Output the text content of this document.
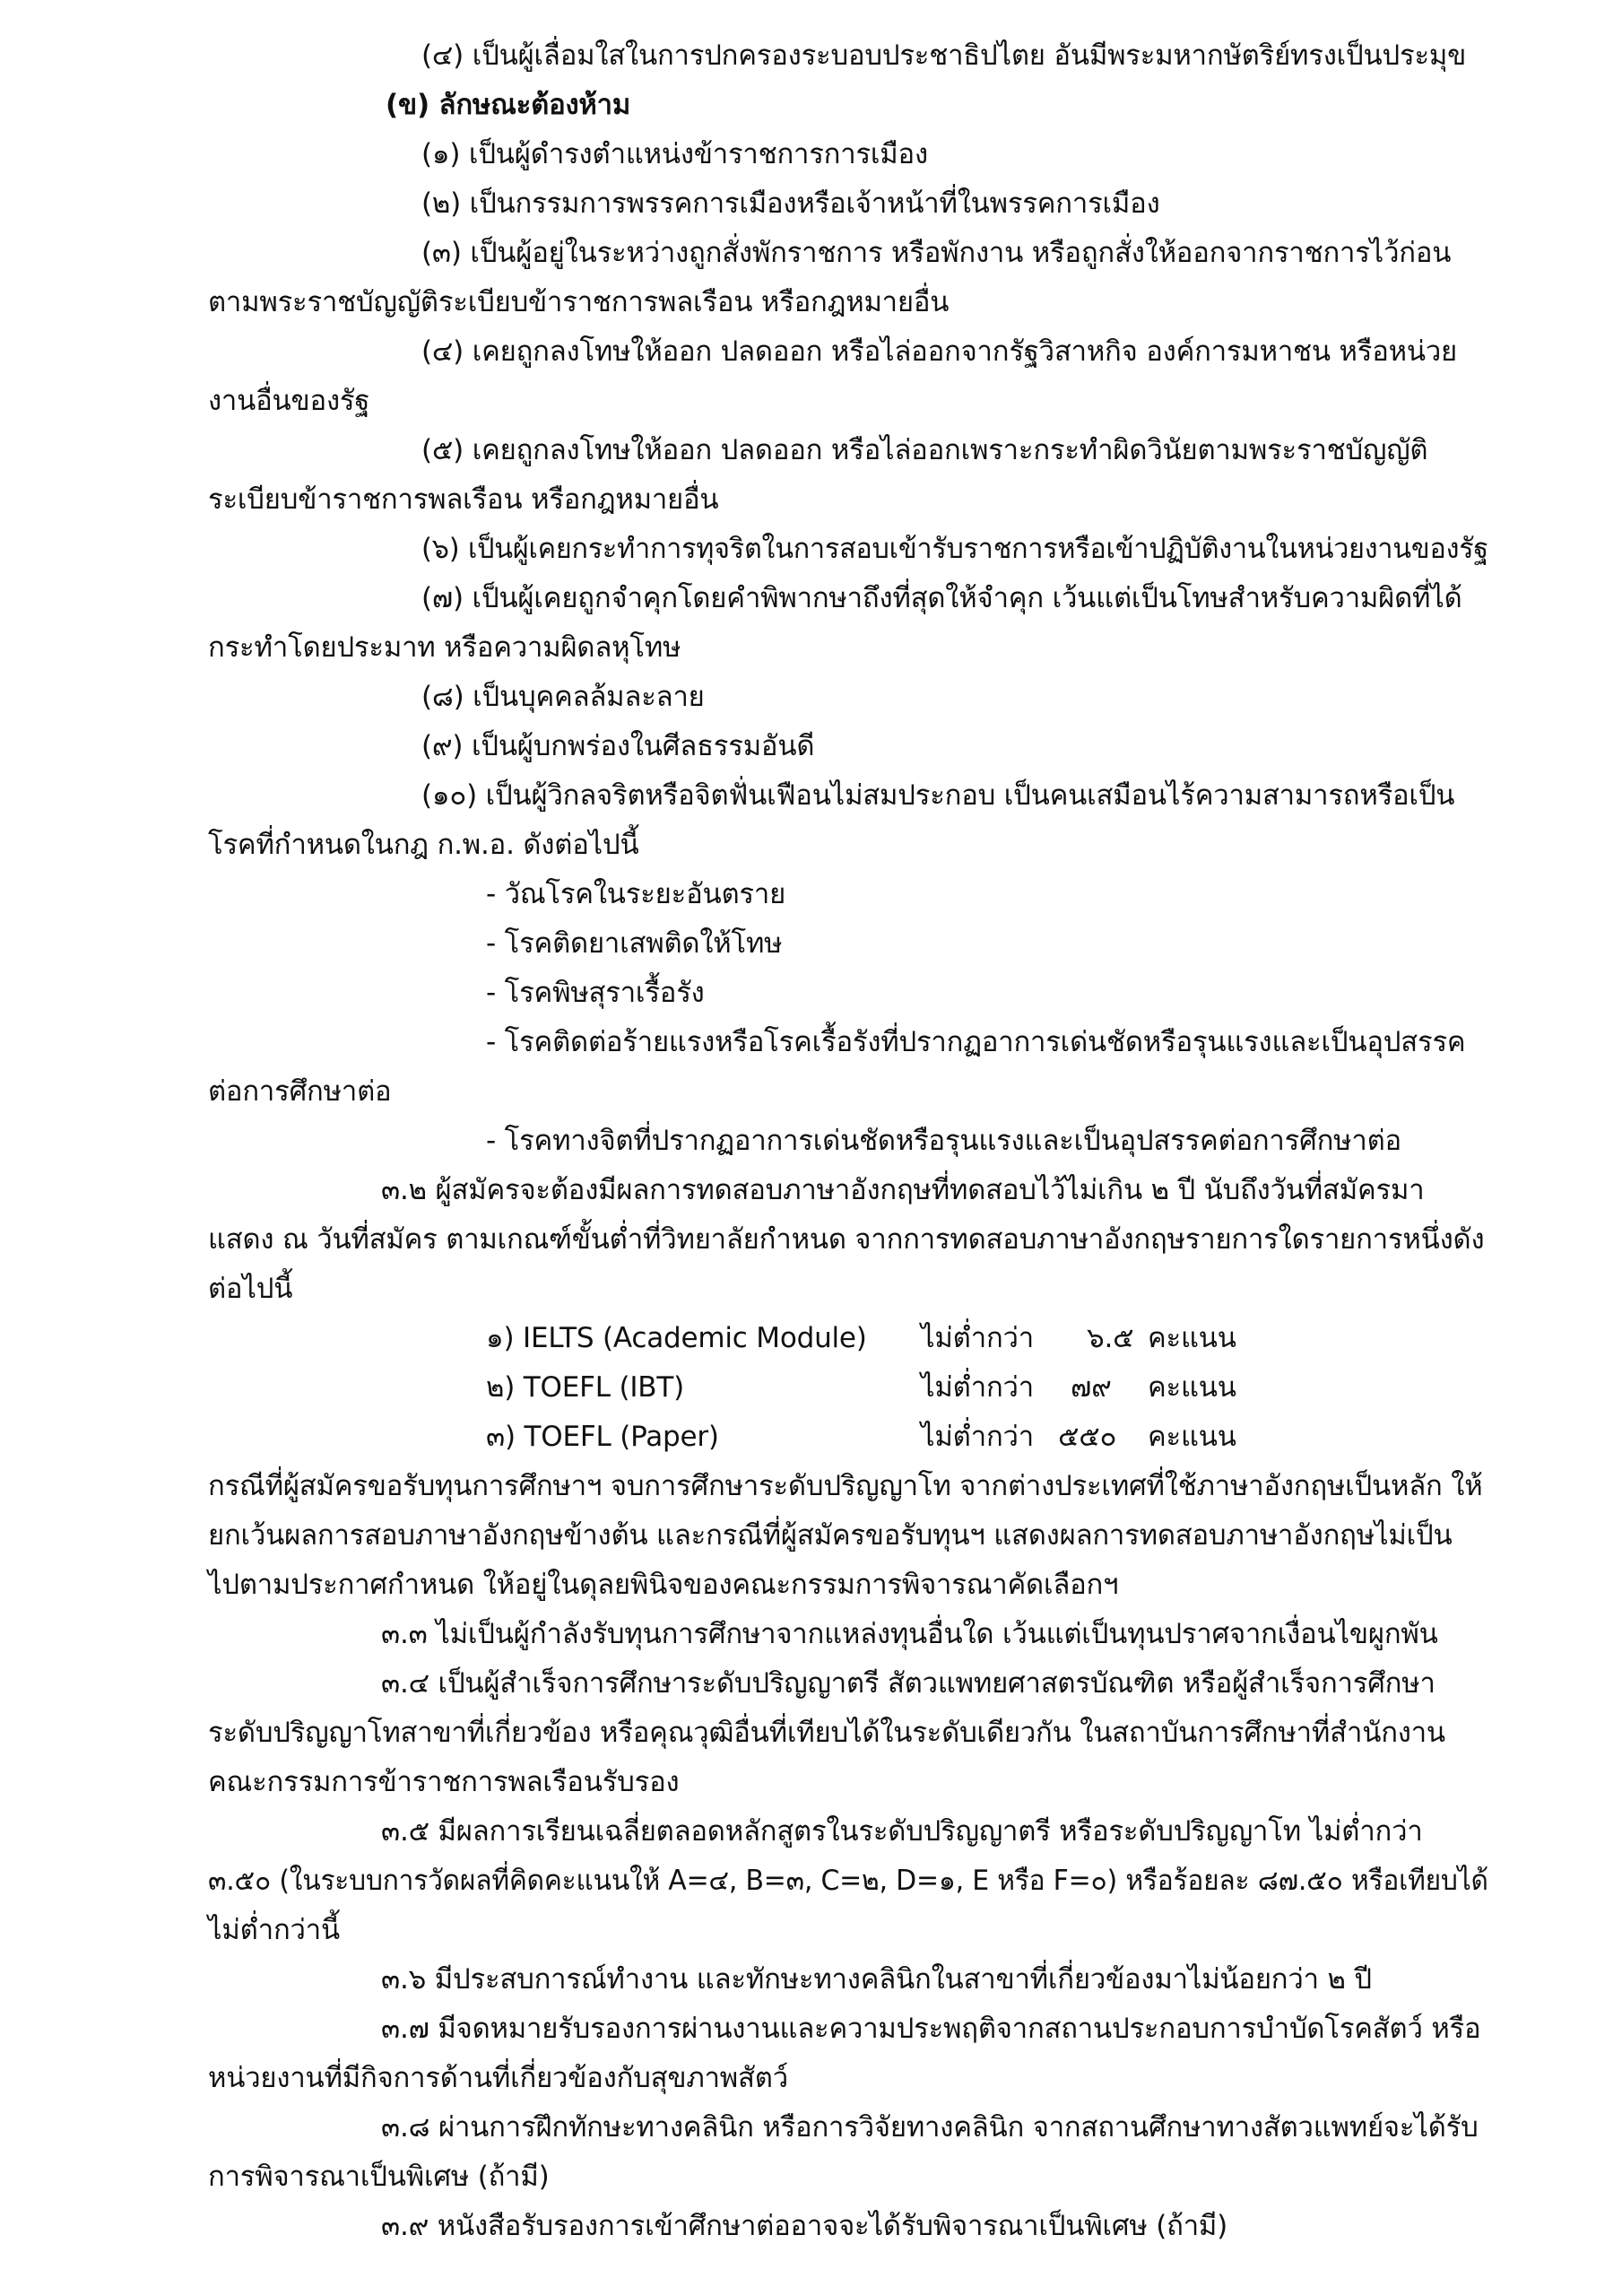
(๔) เป็นผู้เลื่อมใสในการปกครองระบอบประชาธิปไตย อันมีพระมหากษัตริย์ทรงเป็นประมุข
(ข) ลักษณะต้องห้าม
(๑) เป็นผู้ดำรงตำแหน่งข้าราชการการเมือง
(๒) เป็นกรรมการพรรคการเมืองหรือเจ้าหน้าที่ในพรรคการเมือง
(๓) เป็นผู้อยู่ในระหว่างถูกสั่งพักราชการ หรือพักงาน หรือถูกสั่งให้ออกจากราชการไว้ก่อน
ตามพระราชบัญญัติระเบียบข้าราชการพลเรือน หรือกฎหมายอื่น
(๔) เคยถูกลงโทษให้ออก ปลดออก หรือไล่ออกจากรัฐวิสาหกิจ องค์การมหาชน หรือหน่วย
งานอื่นของรัฐ
(๕) เคยถูกลงโทษให้ออก ปลดออก หรือไล่ออกเพราะกระทำผิดวินัยตามพระราชบัญญัติ
ระเบียบข้าราชการพลเรือน หรือกฎหมายอื่น
(๖) เป็นผู้เคยกระทำการทุจริตในการสอบเข้ารับราชการหรือเข้าปฏิบัติงานในหน่วยงานของรัฐ
(๗) เป็นผู้เคยถูกจำคุกโดยคำพิพากษาถึงที่สุดให้จำคุก เว้นแต่เป็นโทษสำหรับความผิดที่ได้
กระทำโดยประมาท หรือความผิดลหุโทษ
(๘) เป็นบุคคลล้มละลาย
(๙) เป็นผู้บกพร่องในศีลธรรมอันดี
(๑๐) เป็นผู้วิกลจริตหรือจิตฟั่นเฟือนไม่สมประกอบ เป็นคนเสมือนไร้ความสามารถหรือเป็น
โรคที่กำหนดในกฎ ก.พ.อ. ดังต่อไปนี้
- วัณโรคในระยะอันตราย
- โรคติดยาเสพติดให้โทษ
- โรคพิษสุราเรื้อรัง
- โรคติดต่อร้ายแรงหรือโรคเรื้อรังที่ปรากฏอาการเด่นชัดหรือรุนแรงและเป็นอุปสรรค
ต่อการศึกษาต่อ
- โรคทางจิตที่ปรากฏอาการเด่นชัดหรือรุนแรงและเป็นอุปสรรคต่อการศึกษาต่อ
๓.๒ ผู้สมัครจะต้องมีผลการทดสอบภาษาอังกฤษที่ทดสอบไว้ไม่เกิน ๒ ปี นับถึงวันที่สมัครมา
แสดง ณ วันที่สมัคร ตามเกณฑ์ขั้นต่ำที่วิทยาลัยกำหนด จากการทดสอบภาษาอังกฤษรายการใดรายการหนึ่งดัง
ต่อไปนี้
๑) IELTS (Academic Module) ไม่ต่ำกว่า ๖.๕ คะแนน
๒) TOEFL (IBT)	ไม่ต่ำกว่า ๗๙ คะแนน
๓) TOEFL (Paper)	ไม่ต่ำกว่า ๕๕๐ คะแนน
กรณีที่ผู้สมัครขอรับทุนการศึกษาฯ จบการศึกษาระดับปริญญาโท จากต่างประเทศที่ใช้ภาษาอังกฤษเป็นหลัก ให้
ยกเว้นผลการสอบภาษาอังกฤษข้างต้น และกรณีที่ผู้สมัครขอรับทุนฯ แสดงผลการทดสอบภาษาอังกฤษไม่เป็น
ไปตามประกาศกำหนด ให้อยู่ในดุลยพินิจของคณะกรรมการพิจารณาคัดเลือกฯ
๓.๓ ไม่เป็นผู้กำลังรับทุนการศึกษาจากแหล่งทุนอื่นใด เว้นแต่เป็นทุนปราศจากเงื่อนไขผูกพัน
๓.๔ เป็นผู้สำเร็จการศึกษาระดับปริญญาตรี สัตวแพทยศาสตรบัณฑิต หรือผู้สำเร็จการศึกษา
ระดับปริญญาโทสาขาที่เกี่ยวข้อง หรือคุณวุฒิอื่นที่เทียบได้ในระดับเดียวกัน ในสถาบันการศึกษาที่สำนักงาน
คณะกรรมการข้าราชการพลเรือนรับรอง
๓.๕ มีผลการเรียนเฉลี่ยตลอดหลักสูตรในระดับปริญญาตรี หรือระดับปริญญาโท ไม่ต่ำกว่า
๓.๕๐ (ในระบบการวัดผลที่คิดคะแนนให้ A=๔, B=๓, C=๒, D=๑, E หรือ F=๐) หรือร้อยละ ๘๗.๕๐ หรือเทียบได้
ไม่ต่ำกว่านี้
๓.๖ มีประสบการณ์ทำงาน และทักษะทางคลินิกในสาขาที่เกี่ยวข้องมาไม่น้อยกว่า ๒ ปี
๓.๗ มีจดหมายรับรองการผ่านงานและความประพฤติจากสถานประกอบการบำบัดโรคสัตว์ หรือ
หน่วยงานที่มีกิจการด้านที่เกี่ยวข้องกับสุขภาพสัตว์
๓.๘ ผ่านการฝึกทักษะทางคลินิก หรือการวิจัยทางคลินิก จากสถานศึกษาทางสัตวแพทย์จะได้รับ
การพิจารณาเป็นพิเศษ (ถ้ามี)
๓.๙ หนังสือรับรองการเข้าศึกษาต่ออาจจะได้รับพิจารณาเป็นพิเศษ (ถ้ามี)
